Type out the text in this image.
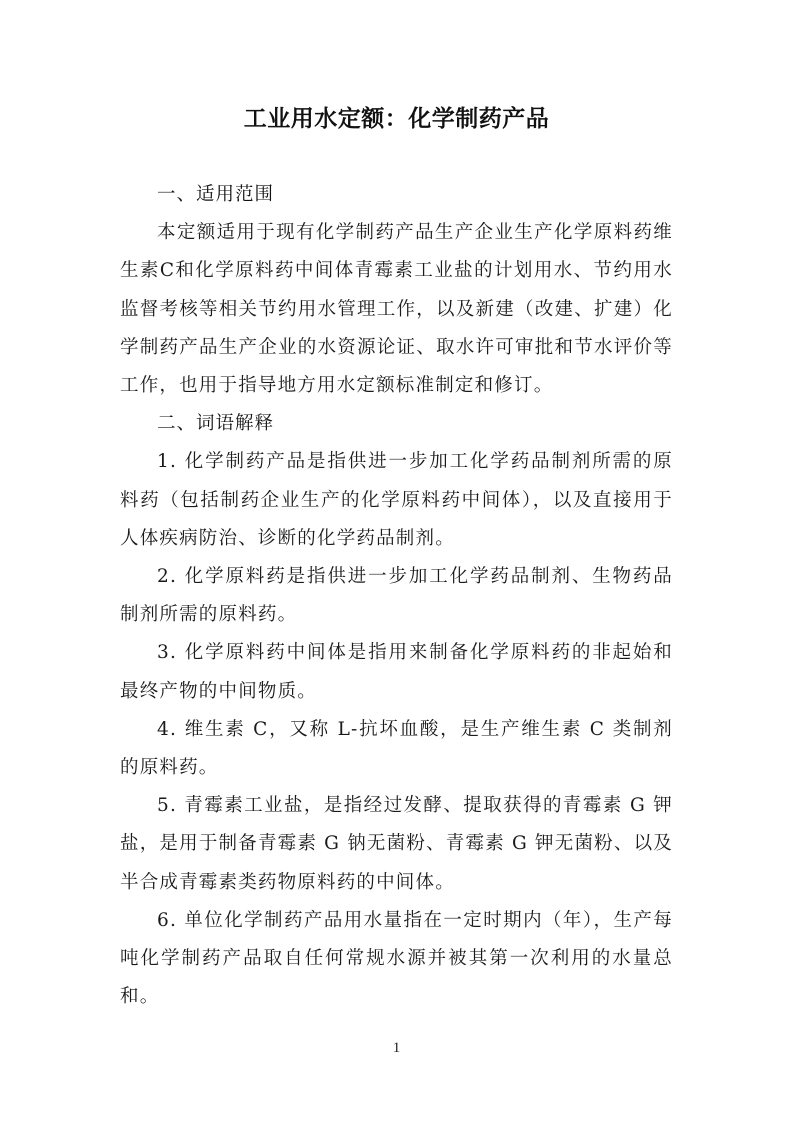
工业用水定额：化学制药产品
一、适用范围

本定额适用于现有化学制药产品生产企业生产化学原料药维生素C和化学原料药中间体青霉素工业盐的计划用水、节约用水监督考核等相关节约用水管理工作，以及新建（改建、扩建）化学制药产品生产企业的水资源论证、取水许可审批和节水评价等工作，也用于指导地方用水定额标准制定和修订。

二、词语解释

1. 化学制药产品是指供进一步加工化学药品制剂所需的原料药（包括制药企业生产的化学原料药中间体），以及直接用于人体疾病防治、诊断的化学药品制剂。

2. 化学原料药是指供进一步加工化学药品制剂、生物药品制剂所需的原料药。

3. 化学原料药中间体是指用来制备化学原料药的非起始和最终产物的中间物质。

4. 维生素 C，又称 L-抗坏血酸，是生产维生素 C 类制剂的原料药。

5. 青霉素工业盐，是指经过发酵、提取获得的青霉素 G 钾盐，是用于制备青霉素 G 钠无菌粉、青霉素 G 钾无菌粉、以及半合成青霉素类药物原料药的中间体。

6. 单位化学制药产品用水量指在一定时期内（年），生产每吨化学制药产品取自任何常规水源并被其第一次利用的水量总和。

1
